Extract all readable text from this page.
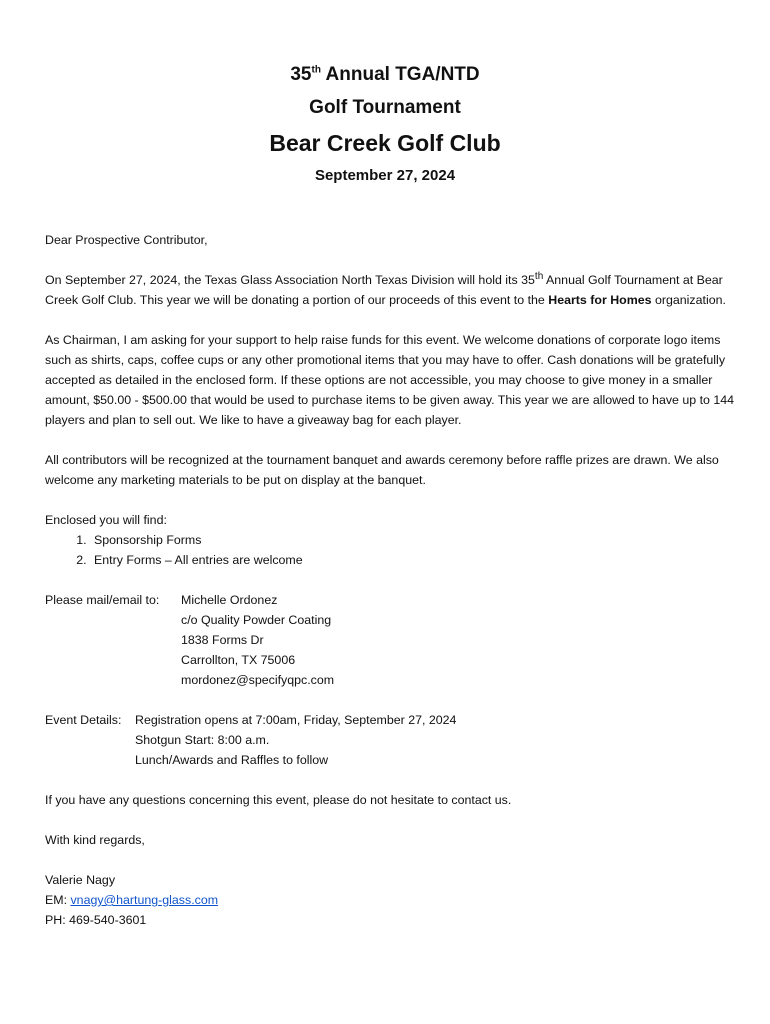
35th Annual TGA/NTD
Golf Tournament
Bear Creek Golf Club
September 27, 2024

Dear Prospective Contributor,

On September 27, 2024, the Texas Glass Association North Texas Division will hold its 35th Annual Golf Tournament at Bear Creek Golf Club. This year we will be donating a portion of our proceeds of this event to the Hearts for Homes organization.

As Chairman, I am asking for your support to help raise funds for this event. We welcome donations of corporate logo items such as shirts, caps, coffee cups or any other promotional items that you may have to offer. Cash donations will be gratefully accepted as detailed in the enclosed form. If these options are not accessible, you may choose to give money in a smaller amount, $50.00 - $500.00 that would be used to purchase items to be given away. This year we are allowed to have up to 144 players and plan to sell out. We like to have a giveaway bag for each player.

All contributors will be recognized at the tournament banquet and awards ceremony before raffle prizes are drawn. We also welcome any marketing materials to be put on display at the banquet.

Enclosed you will find:
1. Sponsorship Forms
2. Entry Forms – All entries are welcome
Please mail/email to:	Michelle Ordonez
c/o Quality Powder Coating
1838 Forms Dr
Carrollton, TX 75006
mordonez@specifyqpc.com
Event Details:	Registration opens at 7:00am, Friday, September 27, 2024
Shotgun Start: 8:00 a.m.
Lunch/Awards and Raffles to follow

If you have any questions concerning this event, please do not hesitate to contact us.

With kind regards,

Valerie Nagy
EM: vnagy@hartung-glass.com
PH: 469-540-3601
